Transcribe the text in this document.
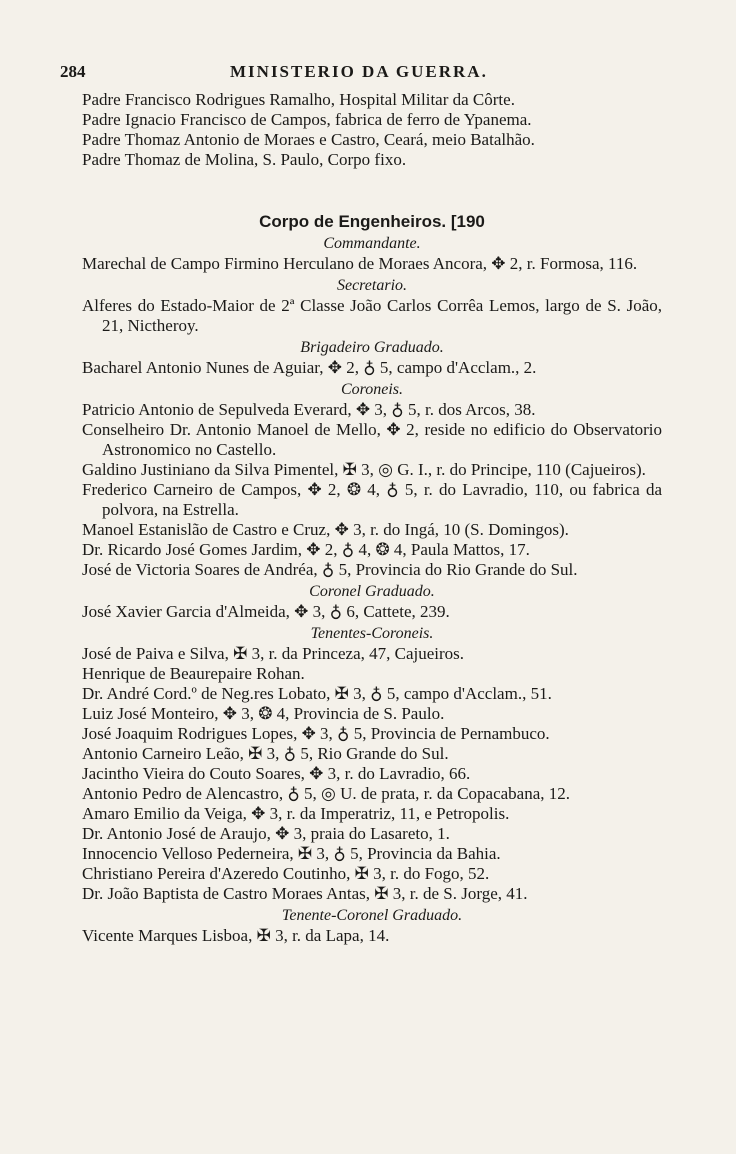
284	MINISTERIO DA GUERRA.
Padre Francisco Rodrigues Ramalho, Hospital Militar da Côrte.
Padre Ignacio Francisco de Campos, fabrica de ferro de Ypanema.
Padre Thomaz Antonio de Moraes e Castro, Ceará, meio Batalhão.
Padre Thomaz de Molina, S. Paulo, Corpo fixo.
Corpo de Engenheiros. [190
Commandante.
Marechal de Campo Firmino Herculano de Moraes Ancora, ✥ 2, r. Formosa, 116.
Secretario.
Alferes do Estado-Maior de 2ª Classe João Carlos Corrêa Lemos, largo de S. João, 21, Nictheroy.
Brigadeiro Graduado.
Bacharel Antonio Nunes de Aguiar, ✥ 2, ♁ 5, campo d'Acclam., 2.
Coroneis.
Patricio Antonio de Sepulveda Everard, ✥ 3, ♁ 5, r. dos Arcos, 38.
Conselheiro Dr. Antonio Manoel de Mello, ✥ 2, reside no edificio do Observatorio Astronomico no Castello.
Galdino Justiniano da Silva Pimentel, ✠ 3, ◎ G. I., r. do Principe, 110 (Cajueiros).
Frederico Carneiro de Campos, ✥ 2, ❂ 4, ♁ 5, r. do Lavradio, 110, ou fabrica da polvora, na Estrella.
Manoel Estanislão de Castro e Cruz, ✥ 3, r. do Ingá, 10 (S. Domingos).
Dr. Ricardo José Gomes Jardim, ✥ 2, ♁ 4, ❂ 4, Paula Mattos, 17.
José de Victoria Soares de Andréa, ♁ 5, Provincia do Rio Grande do Sul.
Coronel Graduado.
José Xavier Garcia d'Almeida, ✥ 3, ♁ 6, Cattete, 239.
Tenentes-Coroneis.
José de Paiva e Silva, ✠ 3, r. da Princeza, 47, Cajueiros.
Henrique de Beaurepaire Rohan.
Dr. André Cord.º de Neg.res Lobato, ✠ 3, ♁ 5, campo d'Acclam., 51.
Luiz José Monteiro, ✥ 3, ❂ 4, Provincia de S. Paulo.
José Joaquim Rodrigues Lopes, ✥ 3, ♁ 5, Provincia de Pernambuco.
Antonio Carneiro Leão, ✠ 3, ♁ 5, Rio Grande do Sul.
Jacintho Vieira do Couto Soares, ✥ 3, r. do Lavradio, 66.
Antonio Pedro de Alencastro, ♁ 5, ◎ U. de prata, r. da Copacabana, 12.
Amaro Emilio da Veiga, ✥ 3, r. da Imperatriz, 11, e Petropolis.
Dr. Antonio José de Araujo, ✥ 3, praia do Lasareto, 1.
Innocencio Velloso Pederneira, ✠ 3, ♁ 5, Provincia da Bahia.
Christiano Pereira d'Azeredo Coutinho, ✠ 3, r. do Fogo, 52.
Dr. João Baptista de Castro Moraes Antas, ✠ 3, r. de S. Jorge, 41.
Tenente-Coronel Graduado.
Vicente Marques Lisboa, ✠ 3, r. da Lapa, 14.
